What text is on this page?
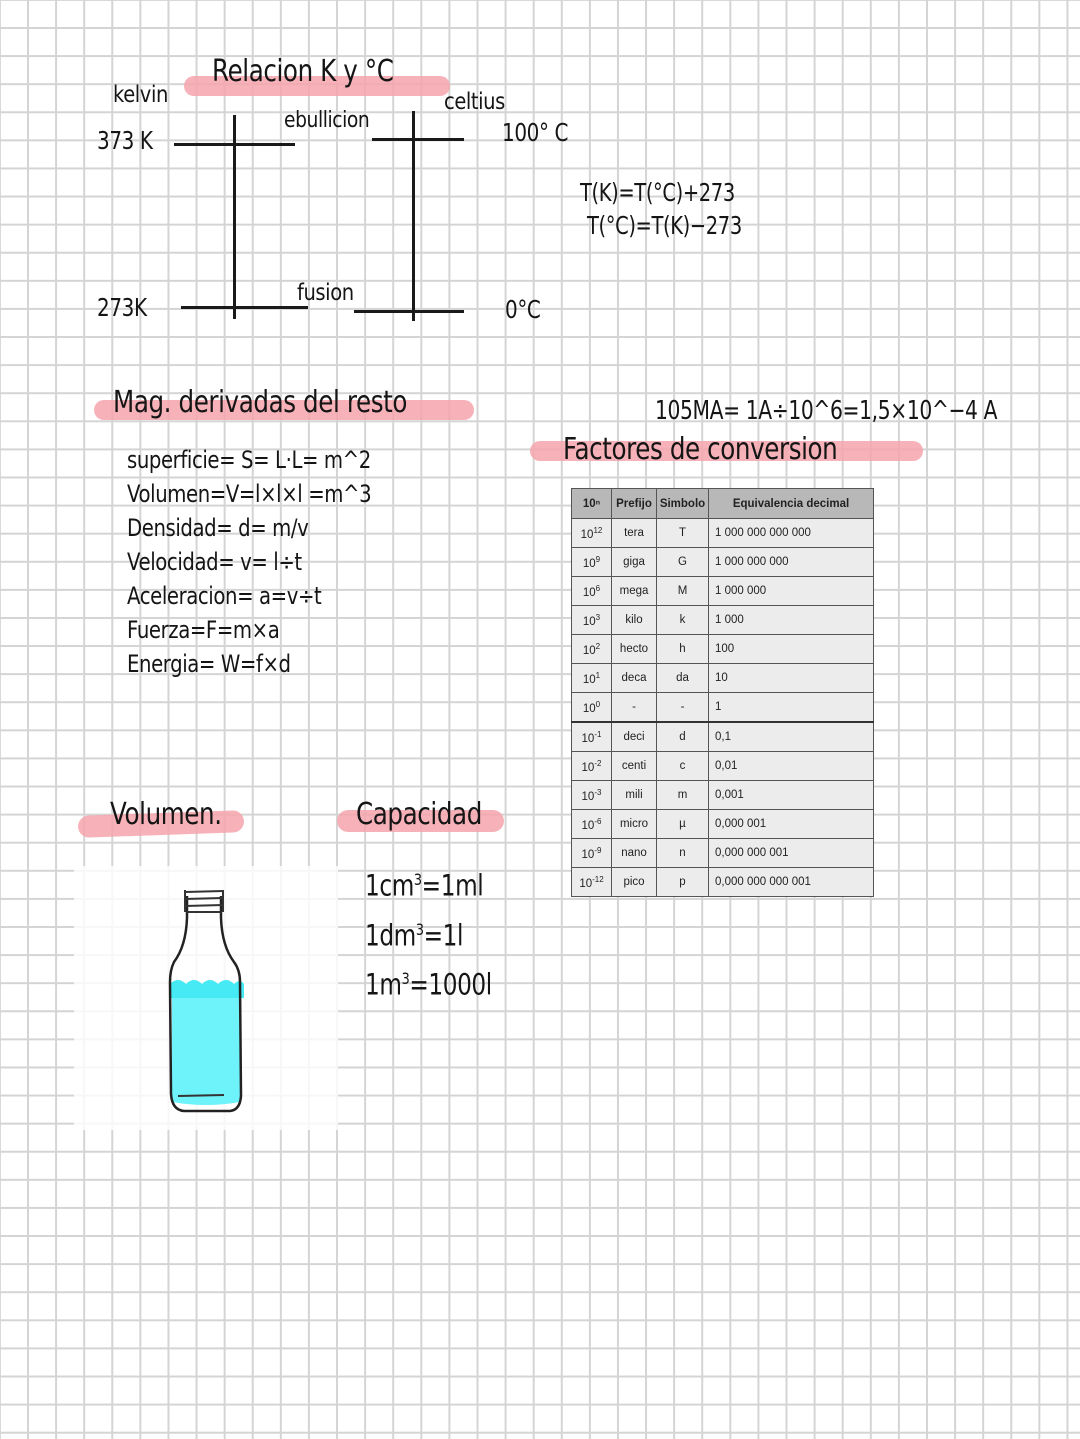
Relacion K y °C
kelvin	celtius
ebullicion
fusion
373 K
273K
100° C
0°C
T(K)=T(°C)+273
T(°C)=T(K)−273
Mag. derivadas del resto
superficie= S= L·L= m^2
Volumen=V=l×l×l =m^3
Densidad= d= m/v
Velocidad= v= l÷t
Aceleracion= a=v÷t
Fuerza=F=m×a
Energia= W=f×d
105MA= 1A÷10^6=1,5×10^−4 A
Factores de conversion
10ⁿ	Prefijo	Simbolo	Equivalencia decimal
$10^{12}$	tera	T	1 000 000 000 000
$10^9$	giga	G	1 000 000 000
$10^6$	mega	M	1 000 000
$10^3$	kilo	k	1 000
$10^2$	hecto	h	100
$10^1$	deca	da	10
$10^0$	-	-	1
$10^{-1}$	deci	d	0,1
$10^{-2}$	centi	c	0,01
$10^{-3}$	mili	m	0,001
$10^{-6}$	micro	µ	0,000 001
$10^{-9}$	nano	n	0,000 000 001
$10^{-12}$	pico	p	0,000 000 000 001
Volumen.	Capacidad
$1cm^3=1ml$
$1dm^3=1l$
$1m^3=1000l$
